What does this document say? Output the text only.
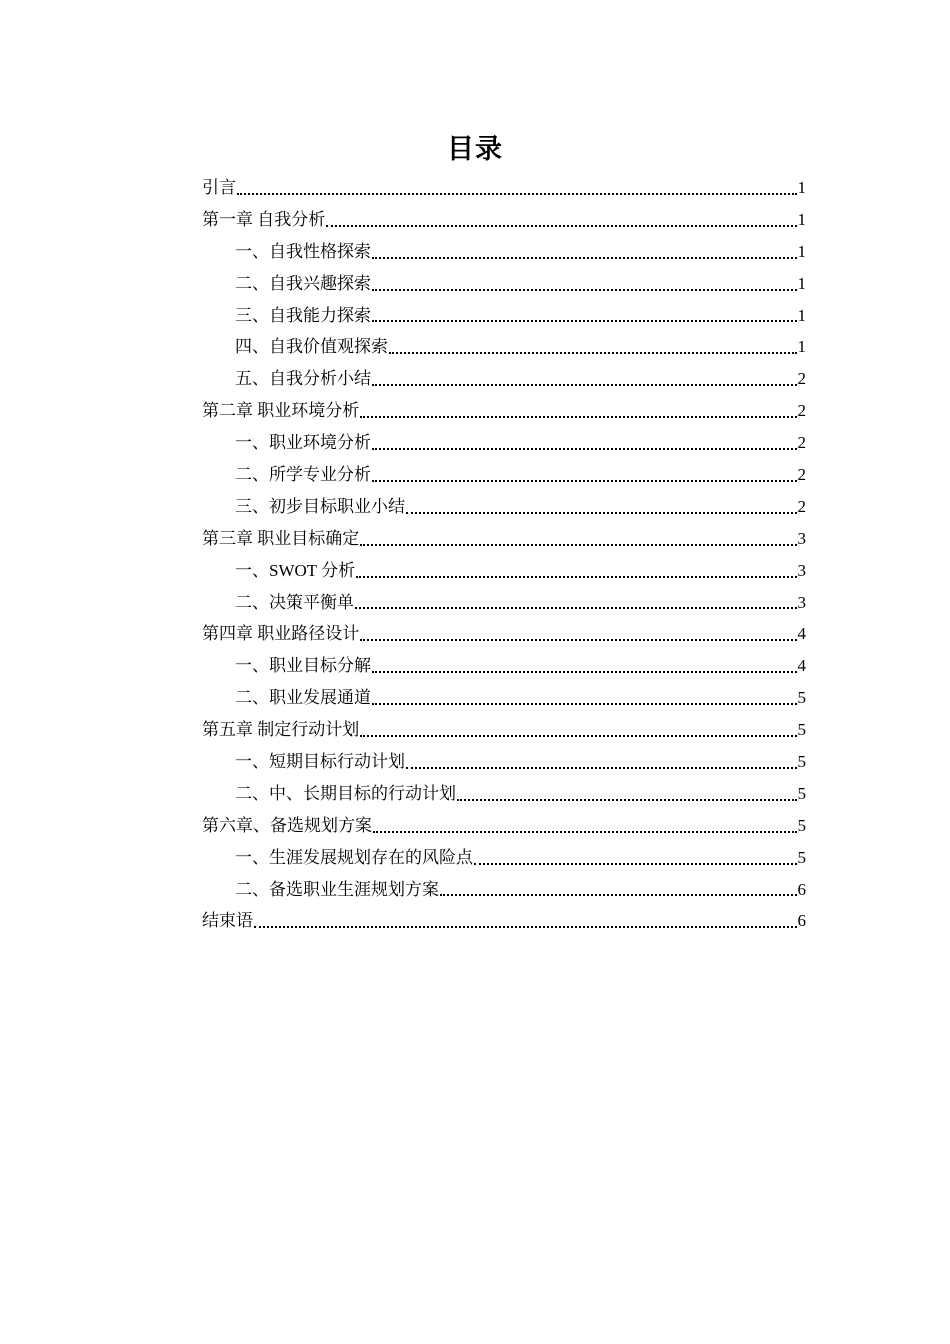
目录
引言	1
第一章 自我分析	1
一、自我性格探索	1
二、自我兴趣探索	1
三、自我能力探索	1
四、自我价值观探索	1
五、自我分析小结	2
第二章 职业环境分析	2
一、职业环境分析	2
二、所学专业分析	2
三、初步目标职业小结	2
第三章 职业目标确定	3
一、SWOT 分析	3
二、决策平衡单	3
第四章 职业路径设计	4
一、职业目标分解	4
二、职业发展通道	5
第五章 制定行动计划	5
一、短期目标行动计划	5
二、中、长期目标的行动计划	5
第六章、备选规划方案	5
一、生涯发展规划存在的风险点	5
二、备选职业生涯规划方案	6
结束语	6
